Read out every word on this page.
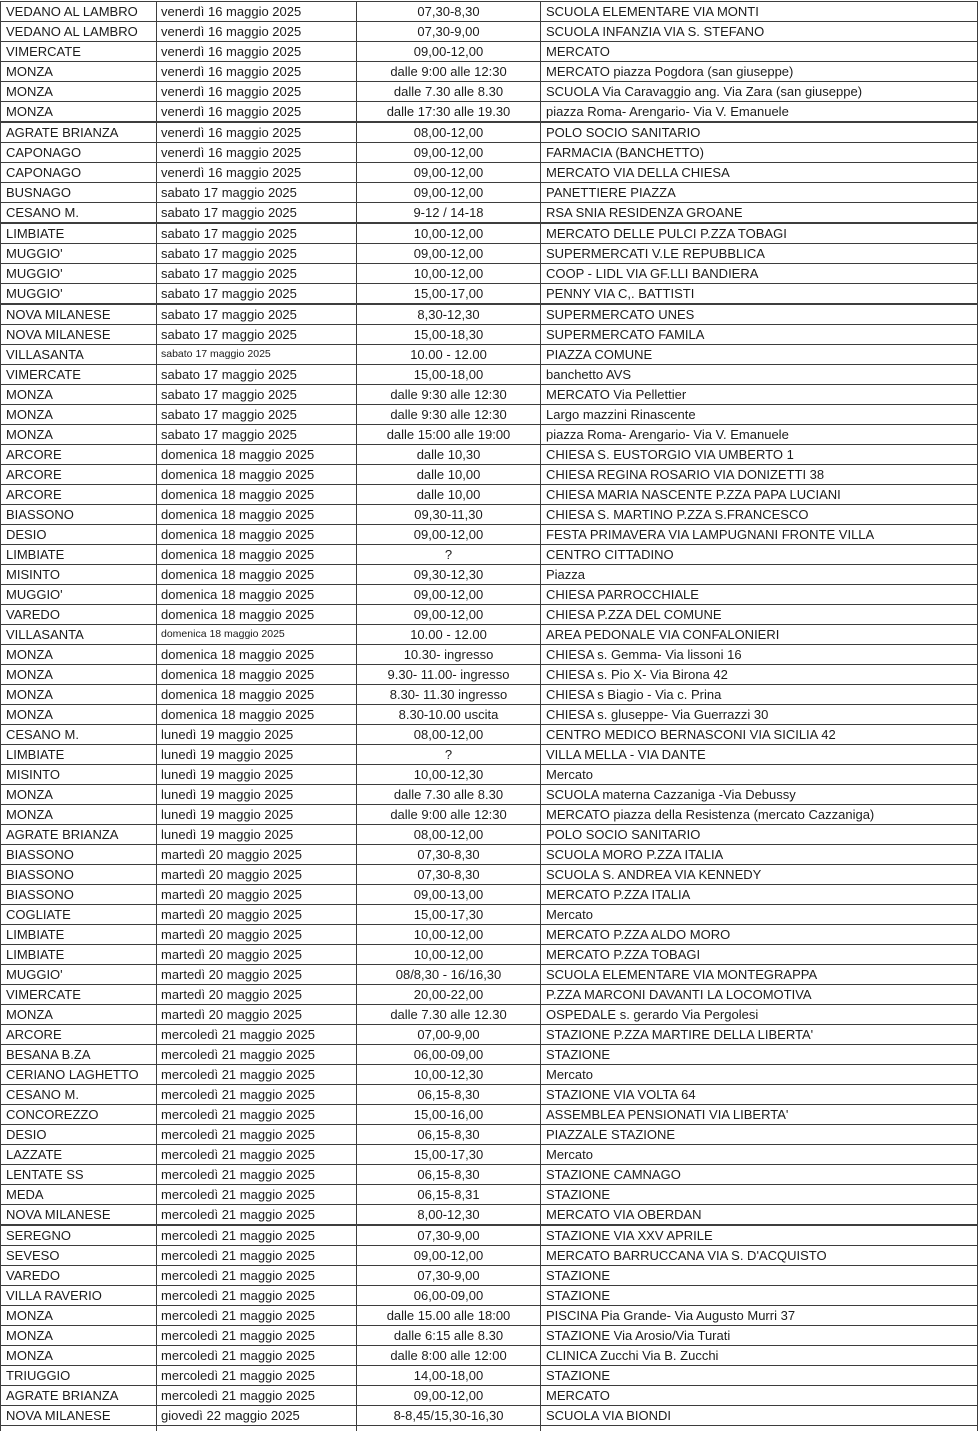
VEDANO AL LAMBRO	venerdì 16 maggio 2025	07,30-8,30	SCUOLA ELEMENTARE VIA MONTI
VEDANO AL LAMBRO	venerdì 16 maggio 2025	07,30-9,00	SCUOLA INFANZIA VIA S. STEFANO
VIMERCATE	venerdì 16 maggio 2025	09,00-12,00	MERCATO
MONZA	venerdì 16 maggio 2025	dalle 9:00 alle 12:30	MERCATO piazza Pogdora (san giuseppe)
MONZA	venerdì 16 maggio 2025	dalle 7.30 alle 8.30	SCUOLA Via Caravaggio ang. Via Zara (san giuseppe)
MONZA	venerdì 16 maggio 2025	dalle 17:30 alle 19.30	piazza Roma- Arengario- Via V. Emanuele
AGRATE BRIANZA	venerdì 16 maggio 2025	08,00-12,00	POLO SOCIO SANITARIO
CAPONAGO	venerdì 16 maggio 2025	09,00-12,00	FARMACIA (BANCHETTO)
CAPONAGO	venerdì 16 maggio 2025	09,00-12,00	MERCATO VIA DELLA CHIESA
BUSNAGO	sabato 17 maggio 2025	09,00-12,00	PANETTIERE PIAZZA
CESANO M.	sabato 17 maggio 2025	9-12 / 14-18	RSA SNIA RESIDENZA GROANE
LIMBIATE	sabato 17 maggio 2025	10,00-12,00	MERCATO DELLE PULCI P.ZZA TOBAGI
MUGGIO'	sabato 17 maggio 2025	09,00-12,00	SUPERMERCATI V.LE REPUBBLICA
MUGGIO'	sabato 17 maggio 2025	10,00-12,00	COOP - LIDL VIA GF.LLI BANDIERA
MUGGIO'	sabato 17 maggio 2025	15,00-17,00	PENNY VIA C,. BATTISTI
NOVA MILANESE	sabato 17 maggio 2025	8,30-12,30	SUPERMERCATO UNES
NOVA MILANESE	sabato 17 maggio 2025	15,00-18,30	SUPERMERCATO FAMILA
VILLASANTA	sabato 17 maggio 2025	10.00 - 12.00	PIAZZA COMUNE
VIMERCATE	sabato 17 maggio 2025	15,00-18,00	banchetto AVS
MONZA	sabato 17 maggio 2025	dalle 9:30 alle 12:30	MERCATO Via Pellettier
MONZA	sabato 17 maggio 2025	dalle 9:30 alle 12:30	Largo mazzini Rinascente
MONZA	sabato 17 maggio 2025	dalle 15:00 alle 19:00	piazza Roma- Arengario- Via V. Emanuele
ARCORE	domenica 18 maggio 2025	dalle 10,30	CHIESA S. EUSTORGIO VIA UMBERTO 1
ARCORE	domenica 18 maggio 2025	dalle 10,00	CHIESA REGINA ROSARIO VIA DONIZETTI 38
ARCORE	domenica 18 maggio 2025	dalle 10,00	CHIESA MARIA NASCENTE P.ZZA PAPA LUCIANI
BIASSONO	domenica 18 maggio 2025	09,30-11,30	CHIESA S. MARTINO P.ZZA S.FRANCESCO
DESIO	domenica 18 maggio 2025	09,00-12,00	FESTA PRIMAVERA VIA LAMPUGNANI FRONTE VILLA
LIMBIATE	domenica 18 maggio 2025	?	CENTRO CITTADINO
MISINTO	domenica 18 maggio 2025	09,30-12,30	Piazza
MUGGIO'	domenica 18 maggio 2025	09,00-12,00	CHIESA PARROCCHIALE
VAREDO	domenica 18 maggio 2025	09,00-12,00	CHIESA P.ZZA DEL COMUNE
VILLASANTA	domenica 18 maggio 2025	10.00 - 12.00	AREA PEDONALE VIA CONFALONIERI
MONZA	domenica 18 maggio 2025	10.30- ingresso	CHIESA s. Gemma- Via lissoni 16
MONZA	domenica 18 maggio 2025	9.30- 11.00- ingresso	CHIESA s. Pio X- Via Birona 42
MONZA	domenica 18 maggio 2025	8.30- 11.30 ingresso	CHIESA s Biagio - Via c. Prina
MONZA	domenica 18 maggio 2025	8.30-10.00 uscita	CHIESA s. gluseppe- Via Guerrazzi 30
CESANO M.	lunedì 19 maggio 2025	08,00-12,00	CENTRO MEDICO BERNASCONI VIA SICILIA 42
LIMBIATE	lunedì 19 maggio 2025	?	VILLA MELLA - VIA DANTE
MISINTO	lunedì 19 maggio 2025	10,00-12,30	Mercato
MONZA	lunedì 19 maggio 2025	dalle 7.30 alle 8.30	SCUOLA materna Cazzaniga -Via Debussy
MONZA	lunedì 19 maggio 2025	dalle 9:00 alle 12:30	MERCATO piazza della Resistenza (mercato Cazzaniga)
AGRATE BRIANZA	lunedì 19 maggio 2025	08,00-12,00	POLO SOCIO SANITARIO
BIASSONO	martedì 20 maggio 2025	07,30-8,30	SCUOLA MORO P.ZZA ITALIA
BIASSONO	martedì 20 maggio 2025	07,30-8,30	SCUOLA S. ANDREA VIA KENNEDY
BIASSONO	martedì 20 maggio 2025	09,00-13,00	MERCATO P.ZZA ITALIA
COGLIATE	martedì 20 maggio 2025	15,00-17,30	Mercato
LIMBIATE	martedì 20 maggio 2025	10,00-12,00	MERCATO P.ZZA ALDO MORO
LIMBIATE	martedì 20 maggio 2025	10,00-12,00	MERCATO P.ZZA TOBAGI
MUGGIO'	martedì 20 maggio 2025	08/8,30 - 16/16,30	SCUOLA ELEMENTARE VIA MONTEGRAPPA
VIMERCATE	martedì 20 maggio 2025	20,00-22,00	P.ZZA MARCONI DAVANTI LA LOCOMOTIVA
MONZA	martedì 20 maggio 2025	dalle 7.30 alle 12.30	OSPEDALE s. gerardo Via Pergolesi
ARCORE	mercoledì 21 maggio 2025	07,00-9,00	STAZIONE P.ZZA MARTIRE DELLA LIBERTA'
BESANA B.ZA	mercoledì 21 maggio 2025	06,00-09,00	STAZIONE
CERIANO LAGHETTO	mercoledì 21 maggio 2025	10,00-12,30	Mercato
CESANO M.	mercoledì 21 maggio 2025	06,15-8,30	STAZIONE VIA VOLTA 64
CONCOREZZO	mercoledì 21 maggio 2025	15,00-16,00	ASSEMBLEA PENSIONATI VIA LIBERTA'
DESIO	mercoledì 21 maggio 2025	06,15-8,30	PIAZZALE STAZIONE
LAZZATE	mercoledì 21 maggio 2025	15,00-17,30	Mercato
LENTATE SS	mercoledì 21 maggio 2025	06,15-8,30	STAZIONE CAMNAGO
MEDA	mercoledì 21 maggio 2025	06,15-8,31	STAZIONE
NOVA MILANESE	mercoledì 21 maggio 2025	8,00-12,30	MERCATO VIA OBERDAN
SEREGNO	mercoledì 21 maggio 2025	07,30-9,00	STAZIONE VIA XXV APRILE
SEVESO	mercoledì 21 maggio 2025	09,00-12,00	MERCATO BARRUCCANA VIA S. D'ACQUISTO
VAREDO	mercoledì 21 maggio 2025	07,30-9,00	STAZIONE
VILLA RAVERIO	mercoledì 21 maggio 2025	06,00-09,00	STAZIONE
MONZA	mercoledì 21 maggio 2025	dalle 15.00 alle 18:00	PISCINA Pia Grande- Via Augusto Murri 37
MONZA	mercoledì 21 maggio 2025	dalle 6:15 alle 8.30	STAZIONE Via Arosio/Via Turati
MONZA	mercoledì 21 maggio 2025	dalle 8:00 alle 12:00	CLINICA Zucchi Via B. Zucchi
TRIUGGIO	mercoledì 21 maggio 2025	14,00-18,00	STAZIONE
AGRATE BRIANZA	mercoledì 21 maggio 2025	09,00-12,00	MERCATO
NOVA MILANESE	giovedì 22 maggio 2025	8-8,45/15,30-16,30	SCUOLA VIA BIONDI
